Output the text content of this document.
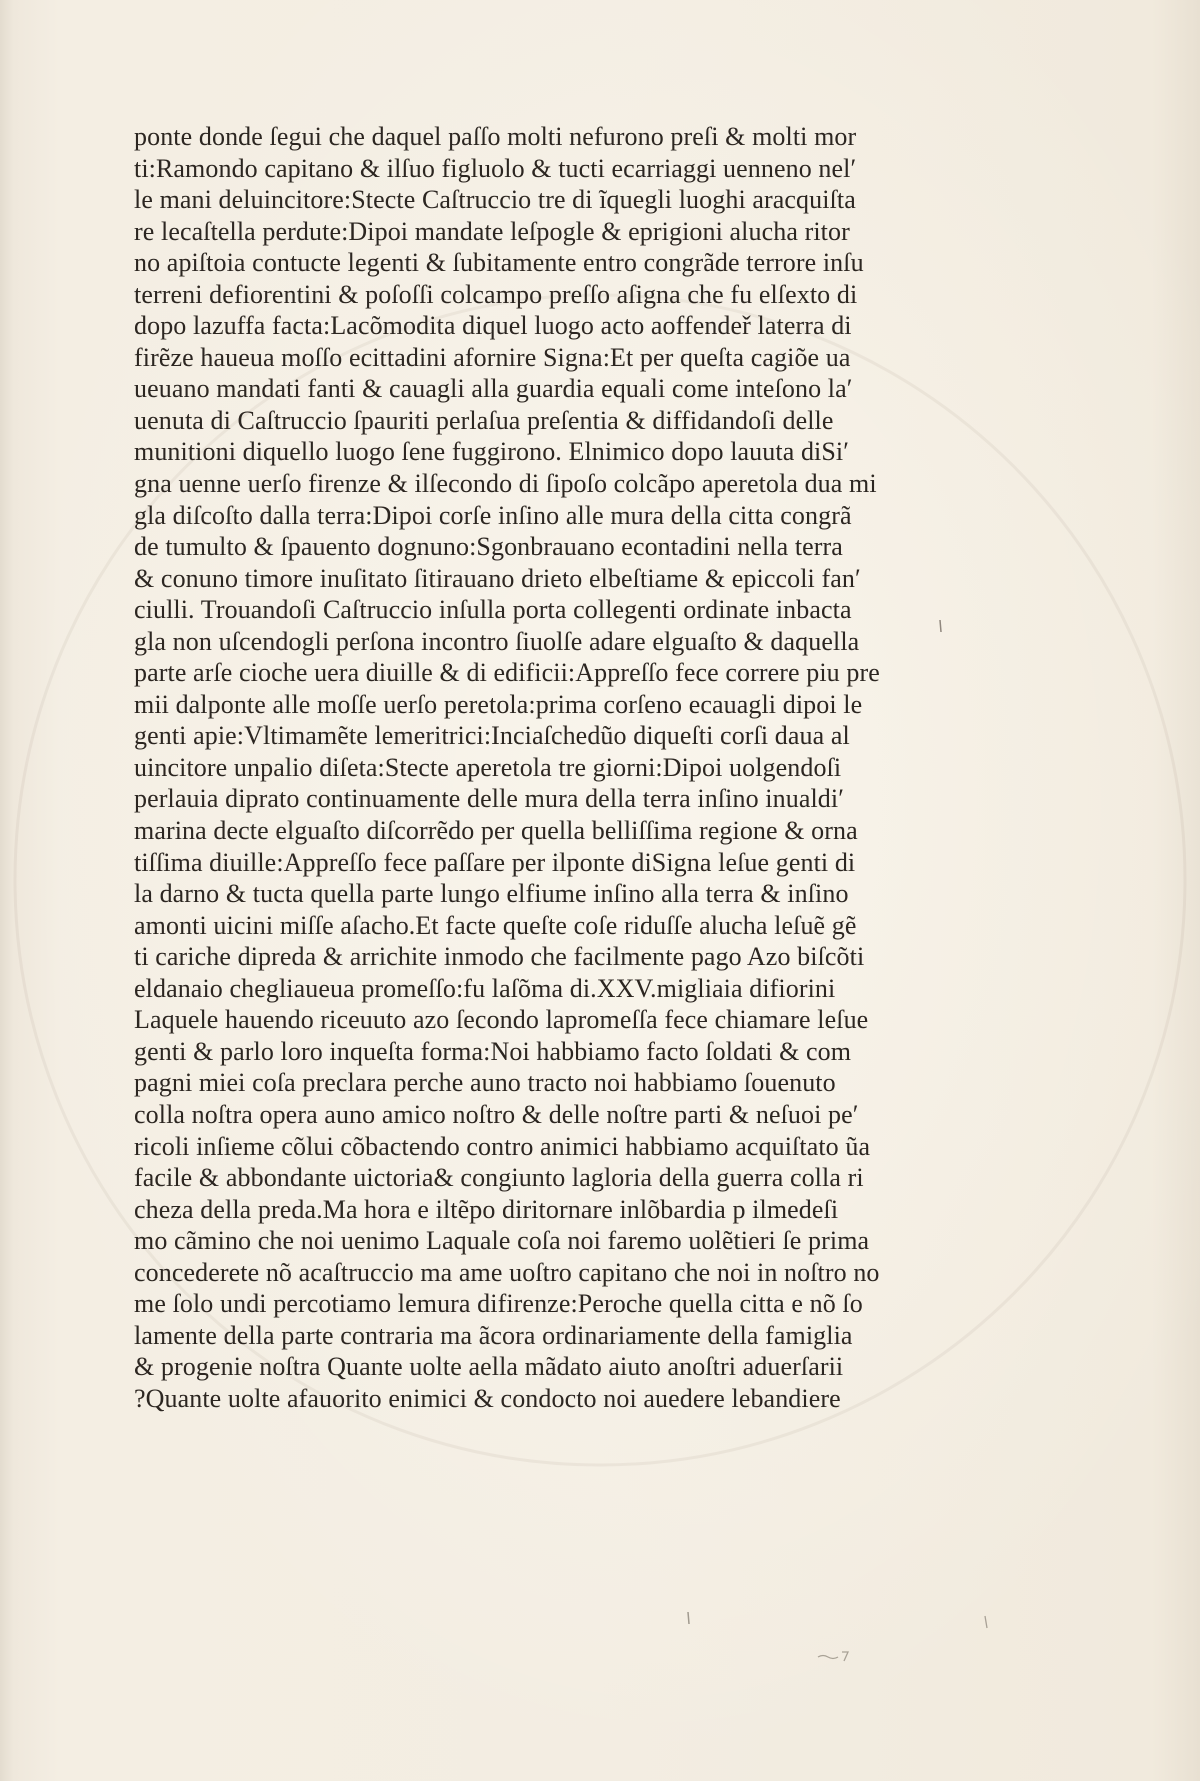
ponte donde ſegui che daquel paſſo molti nefurono preſi & molti mor
ti:Ramondo capitano & ilſuo figluolo & tucti ecarriaggi uenneno nel′
le mani deluincitore:Stecte Caſtruccio tre di ĩquegli luoghi aracquiſta
re lecaſtella perdute:Dipoi mandate leſpogle & eprigioni alucha ritor
no apiſtoia contucte legenti & ſubitamente entro congrãde terrore inſu
terreni defiorentini & poſoſſi colcampo preſſo aſigna che fu elſexto di
dopo lazuffa facta:Lacõmodita diquel luogo acto aoffendeř laterra di
firẽze haueua moſſo ecittadini afornire Signa:Et per queſta cagiõe ua
ueuano mandati fanti & cauagli alla guardia equali come inteſono la′
uenuta di Caſtruccio ſpauriti perlaſua preſentia & diffidandoſi delle
munitioni diquello luogo ſene fuggirono. Elnimico dopo lauuta diSi′
gna uenne uerſo firenze & ilſecondo di ſipoſo colcãpo aperetola dua mi
gla diſcoſto dalla terra:Dipoi corſe inſino alle mura della citta congrã
de tumulto & ſpauento dognuno:Sgonbrauano econtadini nella terra
& conuno timore inuſitato ſitirauano drieto elbeſtiame & epiccoli fan′
ciulli. Trouandoſi Caſtruccio inſulla porta collegenti ordinate inbacta
gla non uſcendogli perſona incontro ſiuolſe adare elguaſto & daquella
parte arſe cioche uera diuille & di edificii:Appreſſo fece correre piu pre
mii dalponte alle moſſe uerſo peretola:prima corſeno ecauagli dipoi le
genti apie:Vltimamẽte lemeritrici:Inciaſchedũo diqueſti corſi daua al
uincitore unpalio diſeta:Stecte aperetola tre giorni:Dipoi uolgendoſi
perlauia diprato continuamente delle mura della terra inſino inualdi′
marina decte elguaſto diſcorrẽdo per quella belliſſima regione & orna
tiſſima diuille:Appreſſo fece paſſare per ilponte diSigna leſue genti di
la darno & tucta quella parte lungo elfiume inſino alla terra & inſino
amonti uicini miſſe aſacho.Et facte queſte coſe riduſſe alucha leſuẽ gẽ
ti cariche dipreda & arrichite inmodo che facilmente pago Azo biſcõti
eldanaio chegliaueua promeſſo:fu laſõma di.XXV.migliaia difiorini
Laquele hauendo riceuuto azo ſecondo lapromeſſa fece chiamare leſue
genti & parlo loro inqueſta forma:Noi habbiamo facto ſoldati & com
pagni miei coſa preclara perche auno tracto noi habbiamo ſouenuto
colla noſtra opera auno amico noſtro & delle noſtre parti & neſuoi pe′
ricoli inſieme cõlui cõbactendo contro animici habbiamo acquiſtato ũa
facile & abbondante uictoria& congiunto lagloria della guerra colla ri
cheza della preda.Ma hora e iltẽpo diritornare inlõbardia p ilmedeſi
mo cãmino che noi uenimo Laquale coſa noi faremo uolẽtieri ſe prima
concederete nõ acaſtruccio ma ame uoſtro capitano che noi in noſtro no
me ſolo undi percotiamo lemura difirenze:Peroche quella citta e nõ ſo
lamente della parte contraria ma ãcora ordinariamente della famiglia
& progenie noſtra Quante uolte aella mãdato aiuto anoſtri aduerſarii
?Quante uolte afauorito enimici & condocto noi auedere lebandiere
